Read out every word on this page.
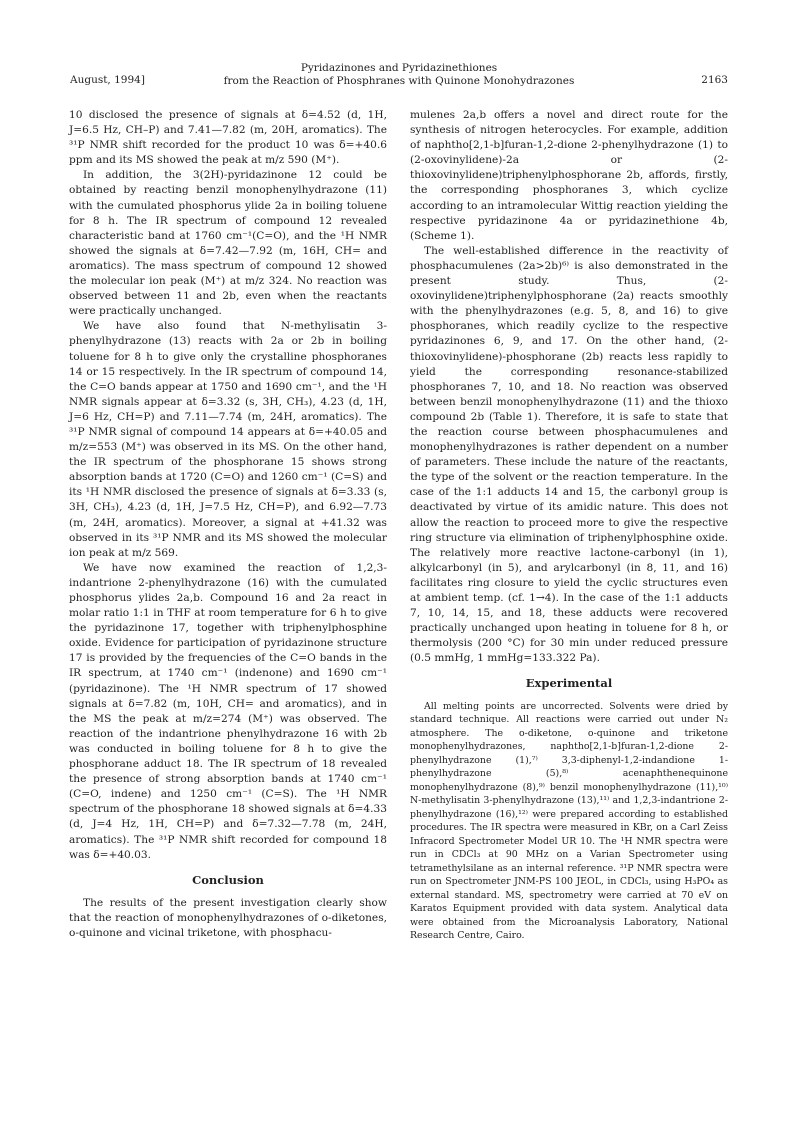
August, 1994]
Pyridazinones and Pyridazinethiones
from the Reaction of Phosphranes with Quinone Monohydrazones	2163

10 disclosed the presence of signals at δ=4.52 (d, 1H, J=6.5 Hz, CH–P) and 7.41—7.82 (m, 20H, aromatics). The ³¹P NMR shift recorded for the product 10 was δ=+40.6 ppm and its MS showed the peak at m/z 590 (M⁺).

In addition, the 3(2H)-pyridazinone 12 could be obtained by reacting benzil monophenylhydrazone (11) with the cumulated phosphorus ylide 2a in boiling toluene for 8 h. The IR spectrum of compound 12 revealed characteristic band at 1760 cm⁻¹(C=O), and the ¹H NMR showed the signals at δ=7.42—7.92 (m, 16H, CH= and aromatics). The mass spectrum of compound 12 showed the molecular ion peak (M⁺) at m/z 324. No reaction was observed between 11 and 2b, even when the reactants were practically unchanged.

We have also found that N-methylisatin 3-phenylhydrazone (13) reacts with 2a or 2b in boiling toluene for 8 h to give only the crystalline phosphoranes 14 or 15 respectively. In the IR spectrum of compound 14, the C=O bands appear at 1750 and 1690 cm⁻¹, and the ¹H NMR signals appear at δ=3.32 (s, 3H, CH₃), 4.23 (d, 1H, J=6 Hz, CH=P) and 7.11—7.74 (m, 24H, aromatics). The ³¹P NMR signal of compound 14 appears at δ=+40.05 and m/z=553 (M⁺) was observed in its MS. On the other hand, the IR spectrum of the phosphorane 15 shows strong absorption bands at 1720 (C=O) and 1260 cm⁻¹ (C=S) and its ¹H NMR disclosed the presence of signals at δ=3.33 (s, 3H, CH₃), 4.23 (d, 1H, J=7.5 Hz, CH=P), and 6.92—7.73 (m, 24H, aromatics). Moreover, a signal at +41.32 was observed in its ³¹P NMR and its MS showed the molecular ion peak at m/z 569.

We have now examined the reaction of 1,2,3-indantrione 2-phenylhydrazone (16) with the cumulated phosphorus ylides 2a,b. Compound 16 and 2a react in molar ratio 1:1 in THF at room temperature for 6 h to give the pyridazinone 17, together with triphenylphosphine oxide. Evidence for participation of pyridazinone structure 17 is provided by the frequencies of the C=O bands in the IR spectrum, at 1740 cm⁻¹ (indenone) and 1690 cm⁻¹ (pyridazinone). The ¹H NMR spectrum of 17 showed signals at δ=7.82 (m, 10H, CH= and aromatics), and in the MS the peak at m/z=274 (M⁺) was observed. The reaction of the indantrione phenylhydrazone 16 with 2b was conducted in boiling toluene for 8 h to give the phosphorane adduct 18. The IR spectrum of 18 revealed the presence of strong absorption bands at 1740 cm⁻¹ (C=O, indene) and 1250 cm⁻¹ (C=S). The ¹H NMR spectrum of the phosphorane 18 showed signals at δ=4.33 (d, J=4 Hz, 1H, CH=P) and δ=7.32—7.78 (m, 24H, aromatics). The ³¹P NMR shift recorded for compound 18 was δ=+40.03.

Conclusion

The results of the present investigation clearly show that the reaction of monophenylhydrazones of o-diketones, o-quinone and vicinal triketone, with phosphacu-

mulenes 2a,b offers a novel and direct route for the synthesis of nitrogen heterocycles. For example, addition of naphtho[2,1-b]furan-1,2-dione 2-phenylhydrazone (1) to (2-oxovinylidene)-2a or (2-thioxovinylidene)triphenylphosphorane 2b, affords, firstly, the corresponding phosphoranes 3, which cyclize according to an intramolecular Wittig reaction yielding the respective pyridazinone 4a or pyridazinethione 4b, (Scheme 1).

The well-established difference in the reactivity of phosphacumulenes (2a>2b)⁶⁾ is also demonstrated in the present study. Thus, (2-oxovinylidene)triphenylphosphorane (2a) reacts smoothly with the phenylhydrazones (e.g. 5, 8, and 16) to give phosphoranes, which readily cyclize to the respective pyridazinones 6, 9, and 17. On the other hand, (2-thioxovinylidene)-phosphorane (2b) reacts less rapidly to yield the corresponding resonance-stabilized phosphoranes 7, 10, and 18. No reaction was observed between benzil monophenylhydrazone (11) and the thioxo compound 2b (Table 1). Therefore, it is safe to state that the reaction course between phosphacumulenes and monophenylhydrazones is rather dependent on a number of parameters. These include the nature of the reactants, the type of the solvent or the reaction temperature. In the case of the 1:1 adducts 14 and 15, the carbonyl group is deactivated by virtue of its amidic nature. This does not allow the reaction to proceed more to give the respective ring structure via elimination of triphenylphosphine oxide. The relatively more reactive lactone-carbonyl (in 1), alkylcarbonyl (in 5), and arylcarbonyl (in 8, 11, and 16) facilitates ring closure to yield the cyclic structures even at ambient temp. (cf. 1→4). In the case of the 1:1 adducts 7, 10, 14, 15, and 18, these adducts were recovered practically unchanged upon heating in toluene for 8 h, or thermolysis (200 °C) for 30 min under reduced pressure (0.5 mmHg, 1 mmHg=133.322 Pa).

Experimental

All melting points are uncorrected. Solvents were dried by standard technique. All reactions were carried out under N₂ atmosphere. The o-diketone, o-quinone and triketone monophenylhydrazones, naphtho[2,1-b]furan-1,2-dione 2-phenylhydrazone (1),⁷⁾ 3,3-diphenyl-1,2-indandione 1-phenylhydrazone (5),⁸⁾ acenaphthenequinone monophenylhydrazone (8),⁹⁾ benzil monophenylhydrazone (11),¹⁰⁾ N-methylisatin 3-phenylhydrazone (13),¹¹⁾ and 1,2,3-indantrione 2-phenylhydrazone (16),¹²⁾ were prepared according to established procedures. The IR spectra were measured in KBr, on a Carl Zeiss Infracord Spectrometer Model UR 10. The ¹H NMR spectra were run in CDCl₃ at 90 MHz on a Varian Spectrometer using tetramethylsilane as an internal reference. ³¹P NMR spectra were run on Spectrometer JNM-PS 100 JEOL, in CDCl₃, using H₃PO₄ as external standard. MS, spectrometry were carried at 70 eV on Karatos Equipment provided with data system. Analytical data were obtained from the Microanalysis Laboratory, National Research Centre, Cairo.
